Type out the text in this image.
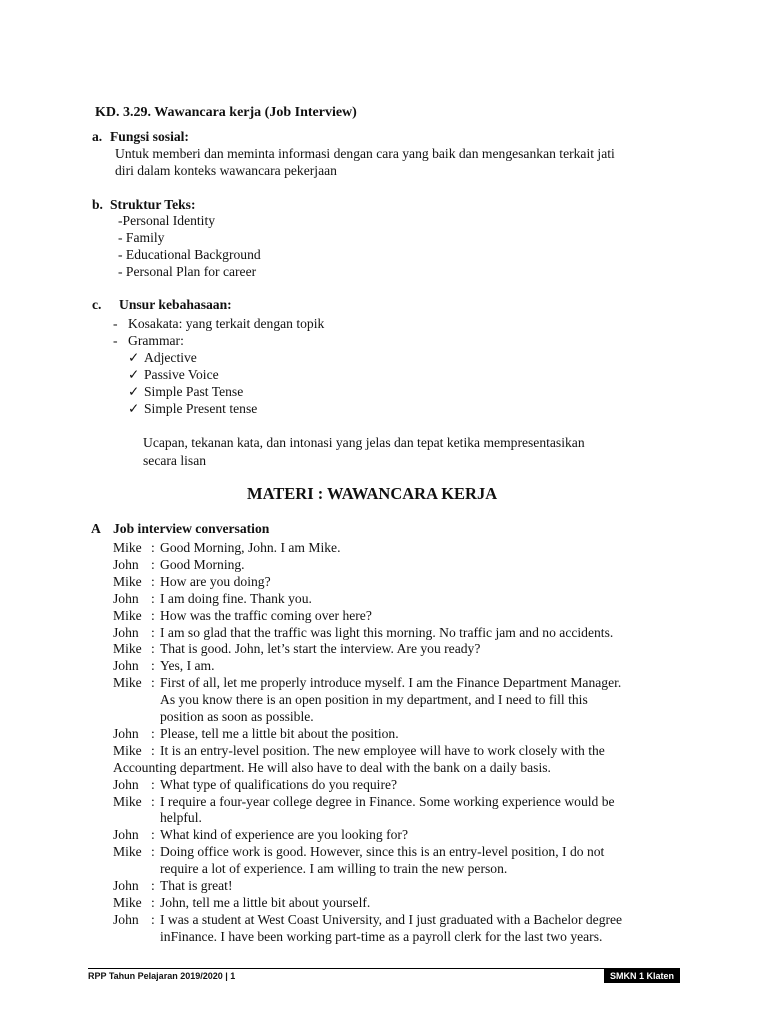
KD. 3.29. Wawancara kerja (Job Interview)
a. Fungsi sosial:
Untuk memberi dan meminta informasi dengan cara yang baik dan mengesankan terkait jati
diri dalam konteks wawancara pekerjaan
b. Struktur Teks:
-Personal Identity
- Family
- Educational Background
- Personal Plan for career
c. Unsur kebahasaan:
- Kosakata: yang terkait dengan topik
- Grammar:
✓ Adjective
✓ Passive Voice
✓ Simple Past Tense
✓ Simple Present tense
Ucapan, tekanan kata, dan intonasi yang jelas dan tepat ketika mempresentasikan
secara lisan
MATERI : WAWANCARA KERJA
A Job interview conversation
Mike : Good Morning, John. I am Mike.
John : Good Morning.
Mike : How are you doing?
John : I am doing fine. Thank you.
Mike : How was the traffic coming over here?
John : I am so glad that the traffic was light this morning. No traffic jam and no accidents.
Mike : That is good. John, let’s start the interview. Are you ready?
John : Yes, I am.
Mike : First of all, let me properly introduce myself. I am the Finance Department Manager.
As you know there is an open position in my department, and I need to fill this
position as soon as possible.
John : Please, tell me a little bit about the position.
Mike : It is an entry-level position. The new employee will have to work closely with the
Accounting department. He will also have to deal with the bank on a daily basis.
John : What type of qualifications do you require?
Mike : I require a four-year college degree in Finance. Some working experience would be
helpful.
John : What kind of experience are you looking for?
Mike : Doing office work is good. However, since this is an entry-level position, I do not
require a lot of experience. I am willing to train the new person.
John : That is great!
Mike : John, tell me a little bit about yourself.
John : I was a student at West Coast University, and I just graduated with a Bachelor degree
inFinance. I have been working part-time as a payroll clerk for the last two years.
RPP Tahun Pelajaran 2019/2020 | 1	SMKN 1 Klaten
